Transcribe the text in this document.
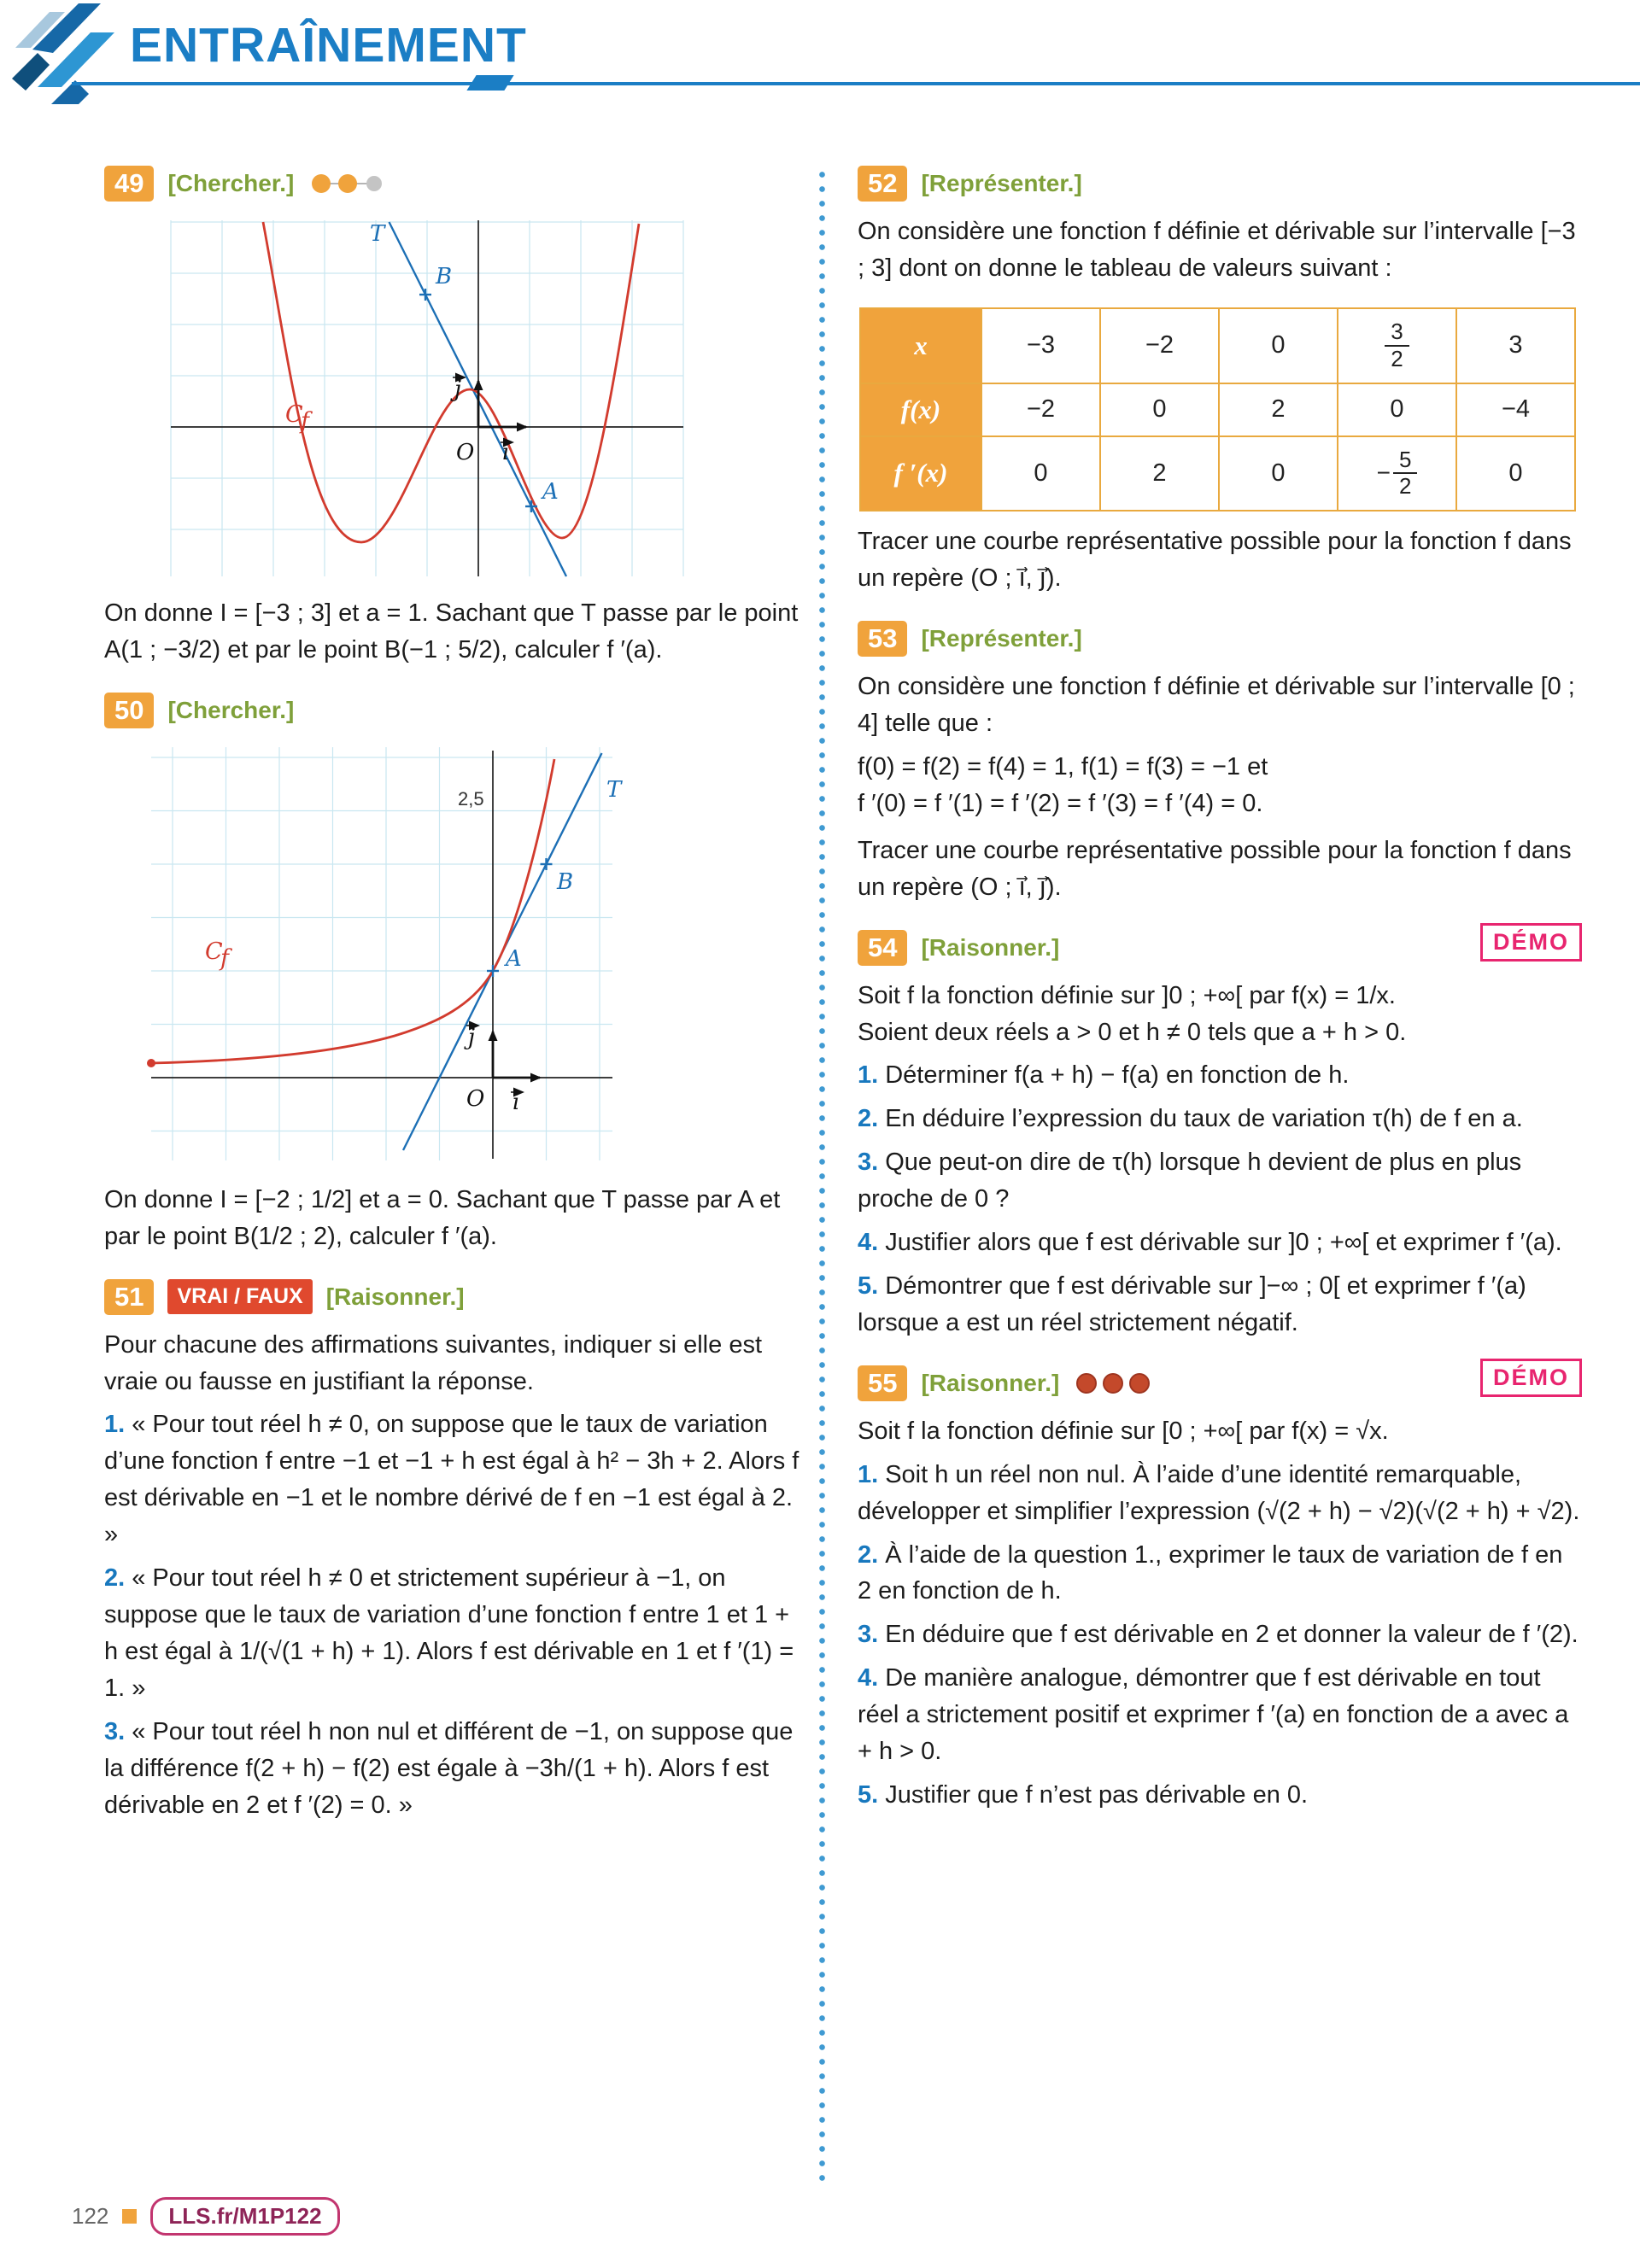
ENTRAÎNEMENT
49	[Chercher.]
T
B
A
C
f
O i
j

On donne I = [−3 ; 3] et a = 1. Sachant que T passe par le point A(1 ; −3/2) et par le point B(−1 ; 5/2), calculer f ′(a).

50	[Chercher.]
2,5	T
B
A
C
f
O i
j

On donne I = [−2 ; 1/2] et a = 0. Sachant que T passe par A et par le point B(1/2 ; 2), calculer f ′(a).

51	VRAI / FAUX [Raisonner.]

Pour chacune des affirmations suivantes, indiquer si elle est vraie ou fausse en justifiant la réponse.

1. « Pour tout réel h ≠ 0, on suppose que le taux de variation d’une fonction f entre −1 et −1 + h est égal à h² − 3h + 2. Alors f est dérivable en −1 et le nombre dérivé de f en −1 est égal à 2. »

2. « Pour tout réel h ≠ 0 et strictement supérieur à −1, on suppose que le taux de variation d’une fonction f entre 1 et 1 + h est égal à 1/(√(1 + h) + 1). Alors f est dérivable en 1 et f ′(1) = 1. »

3. « Pour tout réel h non nul et différent de −1, on suppose que la différence f(2 + h) − f(2) est égale à −3h/(1 + h). Alors f est dérivable en 2 et f ′(2) = 0. »

52	[Représenter.]

On considère une fonction f définie et dérivable sur l’intervalle [−3 ; 3] dont on donne le tableau de valeurs suivant :

x	−3	−2	0	$\frac{3}{2}$	3
f(x)	−2	0	2	0	−4
f ′(x)	0	2	0	− $\frac{5}{2}$	0

Tracer une courbe représentative possible pour la fonction f dans un repère (O ; i⃗, j⃗).

53	[Représenter.]

On considère une fonction f définie et dérivable sur l’intervalle [0 ; 4] telle que :

f(0) = f(2) = f(4) = 1, f(1) = f(3) = −1 et

f ′(0) = f ′(1) = f ′(2) = f ′(3) = f ′(4) = 0.

Tracer une courbe représentative possible pour la fonction f dans un repère (O ; i⃗, j⃗).

54	[Raisonner.]	DÉMO

Soit f la fonction définie sur ]0 ; +∞[ par f(x) = 1/x.

Soient deux réels a > 0 et h ≠ 0 tels que a + h > 0.

1. Déterminer f(a + h) − f(a) en fonction de h.

2. En déduire l’expression du taux de variation τ(h) de f en a.

3. Que peut-on dire de τ(h) lorsque h devient de plus en plus proche de 0 ?

4. Justifier alors que f est dérivable sur ]0 ; +∞[ et exprimer f ′(a).

5. Démontrer que f est dérivable sur ]−∞ ; 0[ et exprimer f ′(a) lorsque a est un réel strictement négatif.

55	[Raisonner.]	DÉMO

Soit f la fonction définie sur [0 ; +∞[ par f(x) = √x.

1. Soit h un réel non nul. À l’aide d’une identité remarquable, développer et simplifier l’expression (√(2 + h) − √2)(√(2 + h) + √2).

2. À l’aide de la question 1., exprimer le taux de variation de f en 2 en fonction de h.

3. En déduire que f est dérivable en 2 et donner la valeur de f ′(2).

4. De manière analogue, démontrer que f est dérivable en tout réel a strictement positif et exprimer f ′(a) en fonction de a avec a + h > 0.

5. Justifier que f n’est pas dérivable en 0.

122	LLS.fr/M1P122
